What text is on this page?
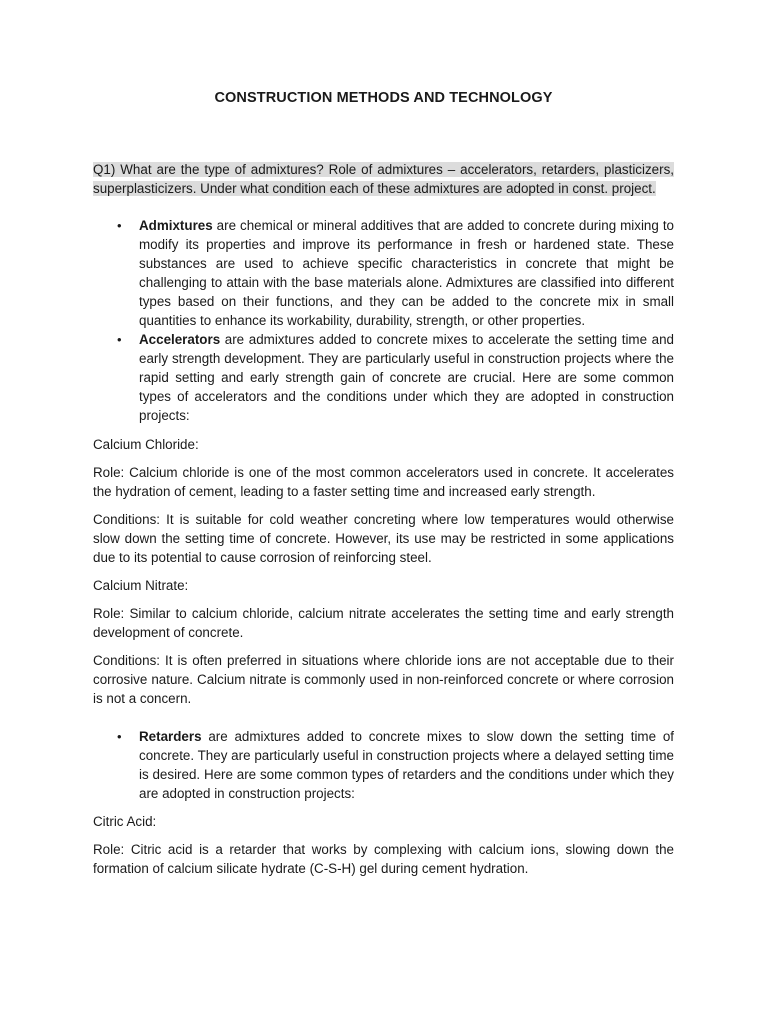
CONSTRUCTION METHODS AND TECHNOLOGY
Q1) What are the type of admixtures? Role of admixtures – accelerators, retarders, plasticizers, superplasticizers. Under what condition each of these admixtures are adopted in const. project.
• Admixtures are chemical or mineral additives that are added to concrete during mixing to modify its properties and improve its performance in fresh or hardened state. These substances are used to achieve specific characteristics in concrete that might be challenging to attain with the base materials alone. Admixtures are classified into different types based on their functions, and they can be added to the concrete mix in small quantities to enhance its workability, durability, strength, or other properties.
• Accelerators are admixtures added to concrete mixes to accelerate the setting time and early strength development. They are particularly useful in construction projects where the rapid setting and early strength gain of concrete are crucial. Here are some common types of accelerators and the conditions under which they are adopted in construction projects:

Calcium Chloride:

Role: Calcium chloride is one of the most common accelerators used in concrete. It accelerates the hydration of cement, leading to a faster setting time and increased early strength.

Conditions: It is suitable for cold weather concreting where low temperatures would otherwise slow down the setting time of concrete. However, its use may be restricted in some applications due to its potential to cause corrosion of reinforcing steel.

Calcium Nitrate:

Role: Similar to calcium chloride, calcium nitrate accelerates the setting time and early strength development of concrete.

Conditions: It is often preferred in situations where chloride ions are not acceptable due to their corrosive nature. Calcium nitrate is commonly used in non-reinforced concrete or where corrosion is not a concern.

• Retarders are admixtures added to concrete mixes to slow down the setting time of concrete. They are particularly useful in construction projects where a delayed setting time is desired. Here are some common types of retarders and the conditions under which they are adopted in construction projects:

Citric Acid:

Role: Citric acid is a retarder that works by complexing with calcium ions, slowing down the formation of calcium silicate hydrate (C-S-H) gel during cement hydration.
